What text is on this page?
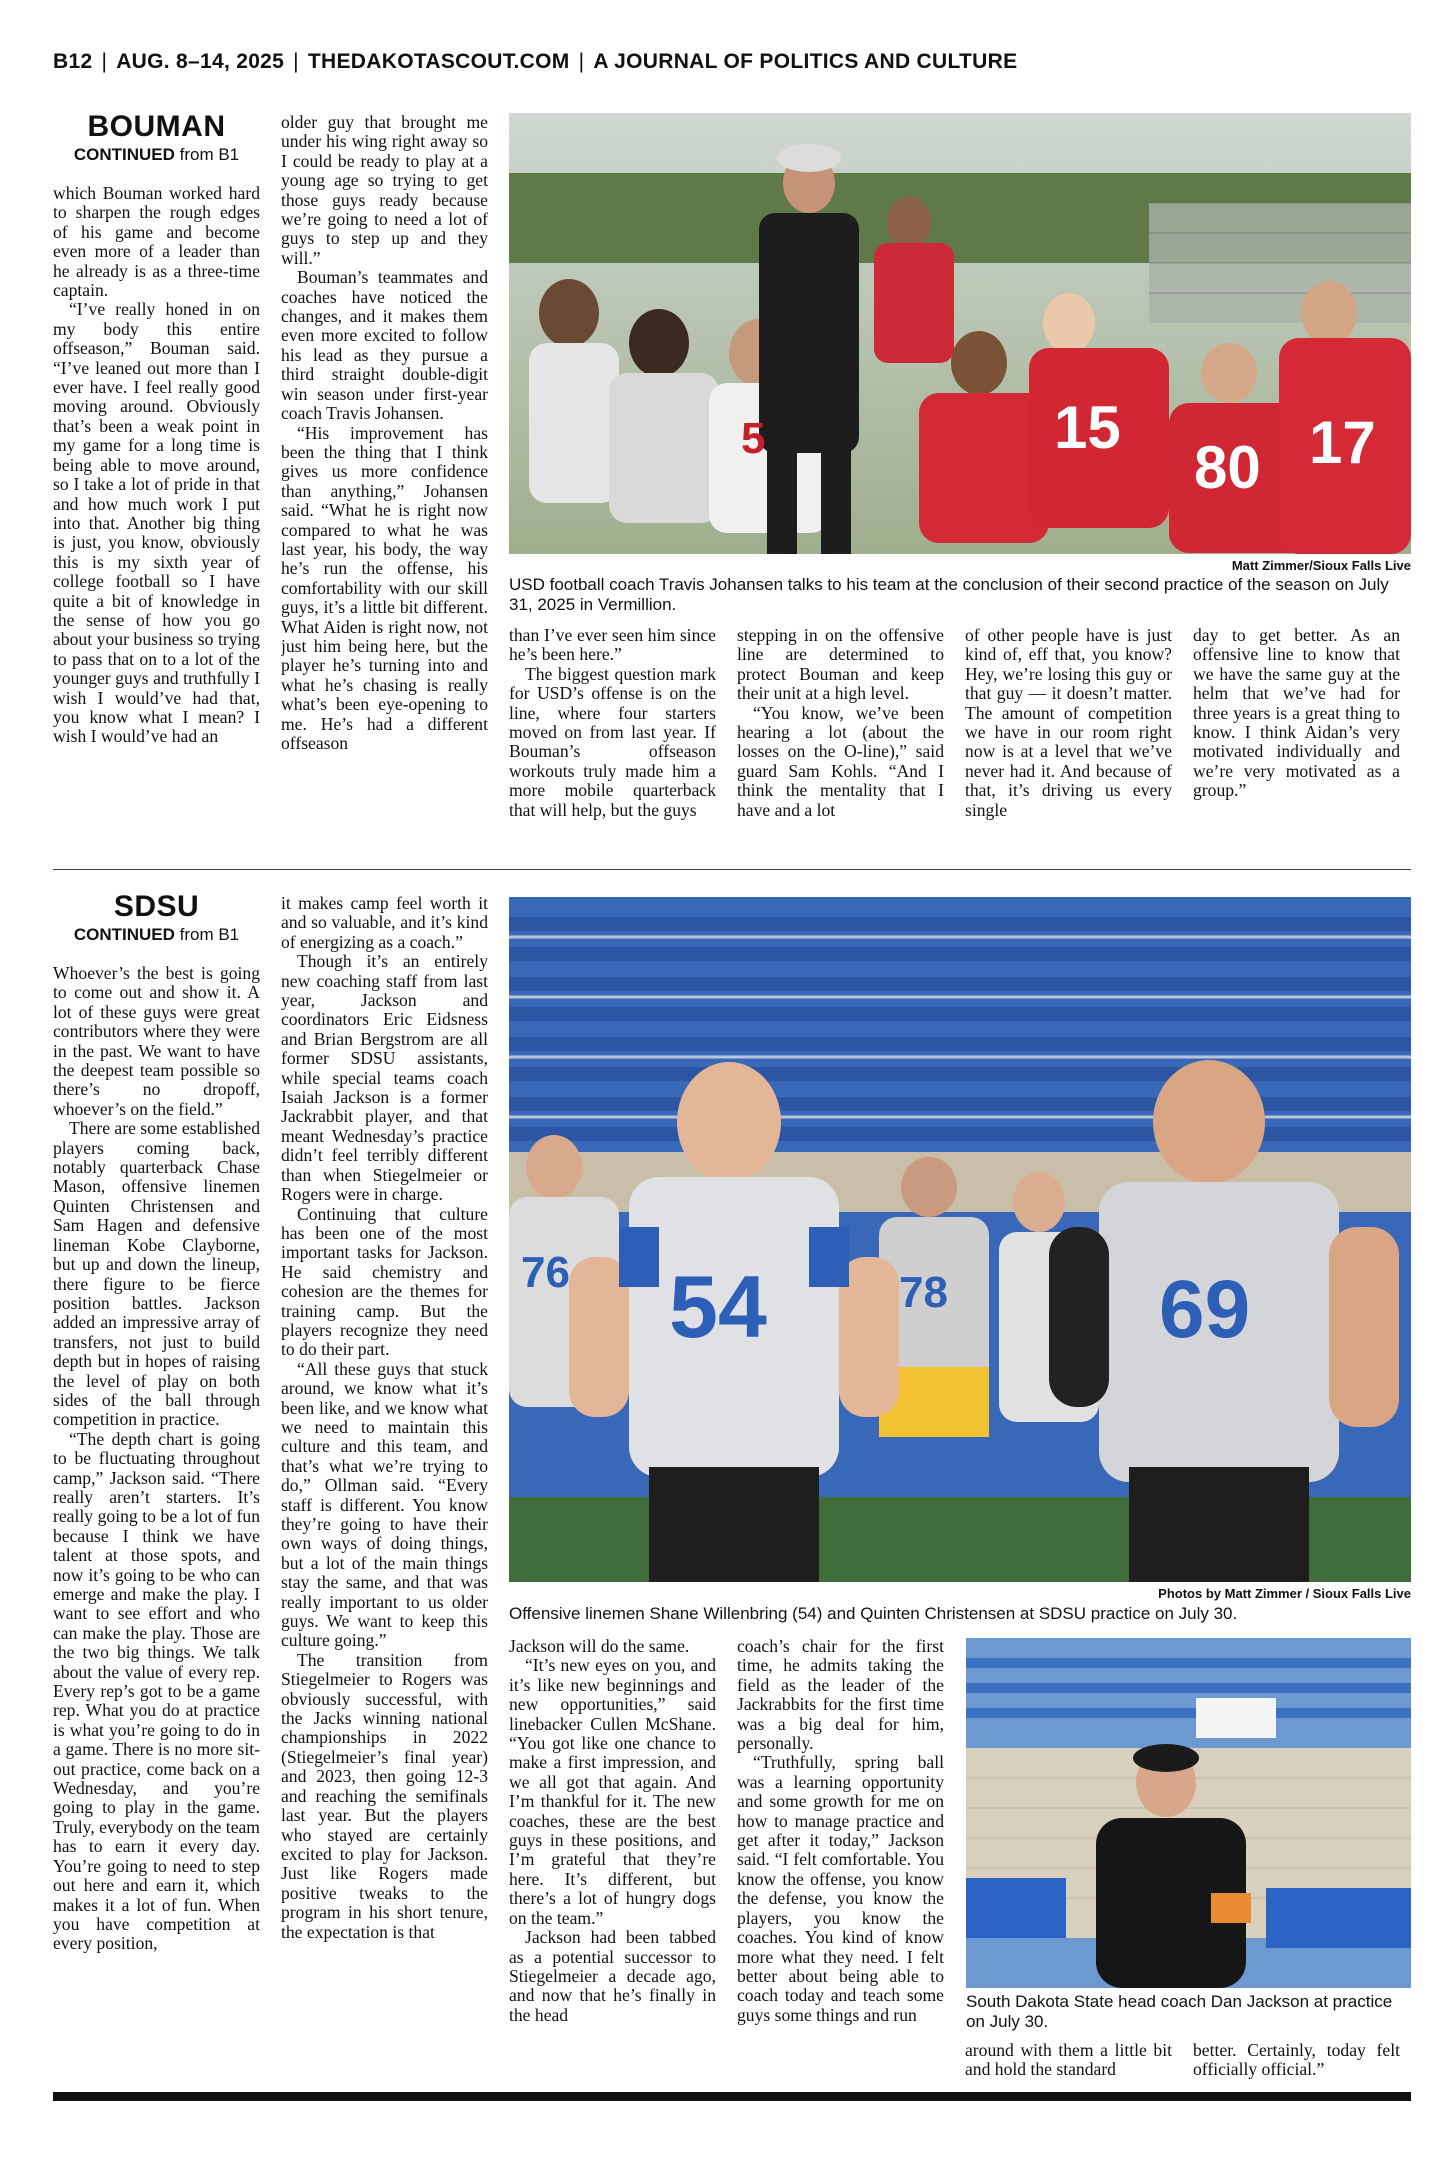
B12 | AUG. 8–14, 2025 | THEDAKOTASCOUT.COM | A JOURNAL OF POLITICS AND CULTURE
BOUMAN
CONTINUED from B1

which Bouman worked hard to sharpen the rough edges of his game and become even more of a leader than he already is as a three-time captain.

“I’ve really honed in on my body this entire offseason,” Bouman said. “I’ve leaned out more than I ever have. I feel really good moving around. Obviously that’s been a weak point in my game for a long time is being able to move around, so I take a lot of pride in that and how much work I put into that. Another big thing is just, you know, obviously this is my sixth year of college football so I have quite a bit of knowledge in the sense of how you go about your business so trying to pass that on to a lot of the younger guys and truthfully I wish I would’ve had that, you know what I mean? I wish I would’ve had an

older guy that brought me under his wing right away so I could be ready to play at a young age so trying to get those guys ready because we’re going to need a lot of guys to step up and they will.”

Bouman’s teammates and coaches have noticed the changes, and it makes them even more excited to follow his lead as they pursue a third straight double-digit win season under first-year coach Travis Johansen.

“His improvement has been the thing that I think gives us more confidence than anything,” Johansen said. “What he is right now compared to what he was last year, his body, the way he’s run the offense, his comfortability with our skill guys, it’s a little bit different. What Aiden is right now, not just him being here, but the player he’s turning into and what he’s chasing is really what’s been eye-opening to me. He’s had a different offseason

15
80 17
5
Matt Zimmer/Sioux Falls Live
USD football coach Travis Johansen talks to his team at the conclusion of their second practice of the season on July 31, 2025 in Vermillion.

than I’ve ever seen him since he’s been here.”

The biggest question mark for USD’s offense is on the line, where four starters moved on from last year. If Bouman’s offseason workouts truly made him a more mobile quarterback that will help, but the guys

stepping in on the offensive line are determined to protect Bouman and keep their unit at a high level.

“You know, we’ve been hearing a lot (about the losses on the O-line),” said guard Sam Kohls. “And I think the mentality that I have and a lot

of other people have is just kind of, eff that, you know? Hey, we’re losing this guy or that guy — it doesn’t matter. The amount of competition we have in our room right now is at a level that we’ve never had it. And because of that, it’s driving us every single

day to get better. As an offensive line to know that we have the same guy at the helm that we’ve had for three years is a great thing to know. I think Aidan’s very motivated individually and we’re very motivated as a group.”

SDSU
CONTINUED from B1

Whoever’s the best is going to come out and show it. A lot of these guys were great contributors where they were in the past. We want to have the deepest team possible so there’s no dropoff, whoever’s on the field.”

There are some established players coming back, notably quarterback Chase Mason, offensive linemen Quinten Christensen and Sam Hagen and defensive lineman Kobe Clayborne, but up and down the lineup, there figure to be fierce position battles. Jackson added an impressive array of transfers, not just to build depth but in hopes of raising the level of play on both sides of the ball through competition in practice.

“The depth chart is going to be fluctuating throughout camp,” Jackson said. “There really aren’t starters. It’s really going to be a lot of fun because I think we have talent at those spots, and now it’s going to be who can emerge and make the play. I want to see effort and who can make the play. Those are the two big things. We talk about the value of every rep. Every rep’s got to be a game rep. What you do at practice is what you’re going to do in a game. There is no more sit-out practice, come back on a Wednesday, and you’re going to play in the game. Truly, everybody on the team has to earn it every day. You’re going to need to step out here and earn it, which makes it a lot of fun. When you have competition at every position,

it makes camp feel worth it and so valuable, and it’s kind of energizing as a coach.”

Though it’s an entirely new coaching staff from last year, Jackson and coordinators Eric Eidsness and Brian Bergstrom are all former SDSU assistants, while special teams coach Isaiah Jackson is a former Jackrabbit player, and that meant Wednesday’s practice didn’t feel terribly different than when Stiegelmeier or Rogers were in charge.

Continuing that culture has been one of the most important tasks for Jackson. He said chemistry and cohesion are the themes for training camp. But the players recognize they need to do their part.

“All these guys that stuck around, we know what it’s been like, and we know what we need to maintain this culture and this team, and that’s what we’re trying to do,” Ollman said. “Every staff is different. You know they’re going to have their own ways of doing things, but a lot of the main things stay the same, and that was really important to us older guys. We want to keep this culture going.”

The transition from Stiegelmeier to Rogers was obviously successful, with the Jacks winning national championships in 2022 (Stiegelmeier’s final year) and 2023, then going 12-3 and reaching the semifinals last year. But the players who stayed are certainly excited to play for Jackson. Just like Rogers made positive tweaks to the program in his short tenure, the expectation is that

54	69
76	78
Photos by Matt Zimmer / Sioux Falls Live
Offensive linemen Shane Willenbring (54) and Quinten Christensen at SDSU practice on July 30.

Jackson will do the same.

“It’s new eyes on you, and it’s like new beginnings and new opportunities,” said linebacker Cullen McShane. “You got like one chance to make a first impression, and we all got that again. And I’m thankful for it. The new coaches, these are the best guys in these positions, and I’m grateful that they’re here. It’s different, but there’s a lot of hungry dogs on the team.”

Jackson had been tabbed as a potential successor to Stiegelmeier a decade ago, and now that he’s finally in the head

coach’s chair for the first time, he admits taking the field as the leader of the Jackrabbits for the first time was a big deal for him, personally.

“Truthfully, spring ball was a learning opportunity and some growth for me on how to manage practice and get after it today,” Jackson said. “I felt comfortable. You know the offense, you know the defense, you know the players, you know the coaches. You kind of know more what they need. I felt better about being able to coach today and teach some guys some things and run

South Dakota State head coach Dan Jackson at practice on July 30.

around with them a little bit and hold the standard

better. Certainly, today felt officially official.”
